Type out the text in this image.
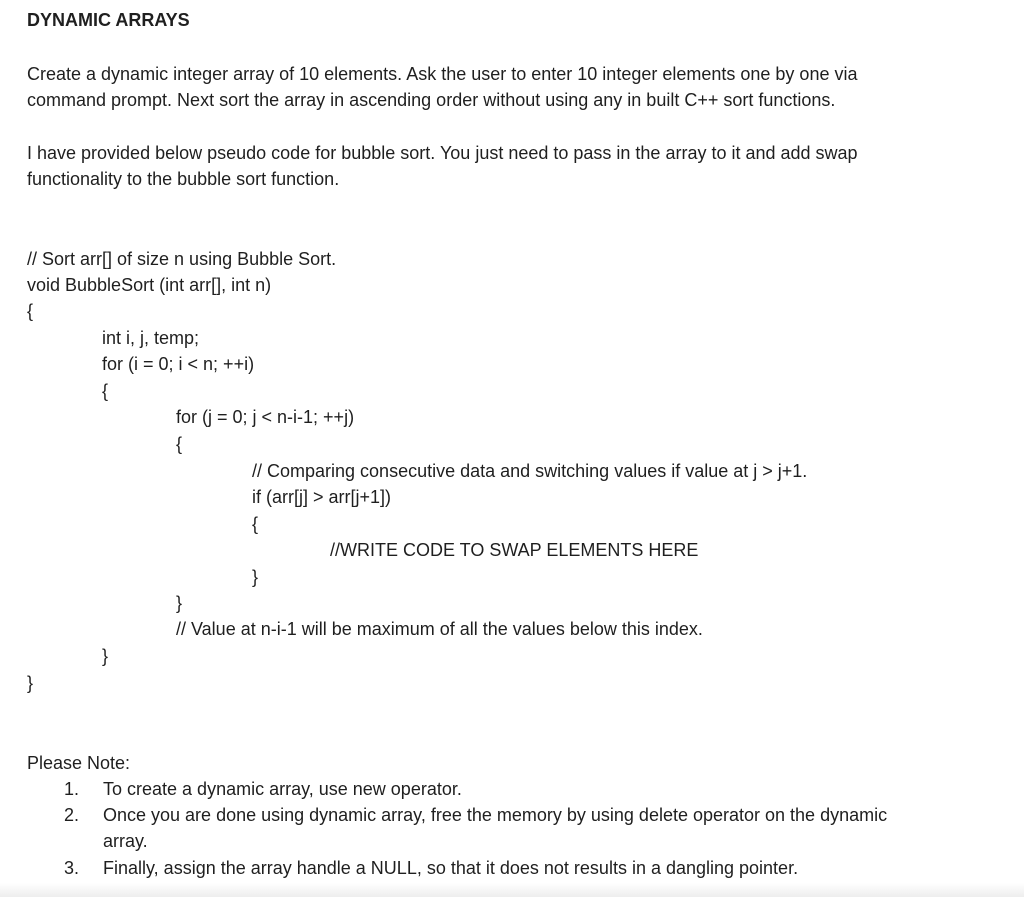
DYNAMIC ARRAYS
Create a dynamic integer array of 10 elements. Ask the user to enter 10 integer elements one by one via
command prompt. Next sort the array in ascending order without using any in built C++ sort functions.
I have provided below pseudo code for bubble sort. You just need to pass in the array to it and add swap
functionality to the bubble sort function.
// Sort arr[] of size n using Bubble Sort.
void BubbleSort (int arr[], int n)
{
int i, j, temp;
for (i = 0; i < n; ++i)
{
for (j = 0; j < n-i-1; ++j)
{
// Comparing consecutive data and switching values if value at j > j+1.
if (arr[j] > arr[j+1])
{
//WRITE CODE TO SWAP ELEMENTS HERE
}
}
// Value at n-i-1 will be maximum of all the values below this index.
}
}
Please Note:
1.	To create a dynamic array, use new operator.
2.	Once you are done using dynamic array, free the memory by using delete operator on the dynamic
array.
3.	Finally, assign the array handle a NULL, so that it does not results in a dangling pointer.
